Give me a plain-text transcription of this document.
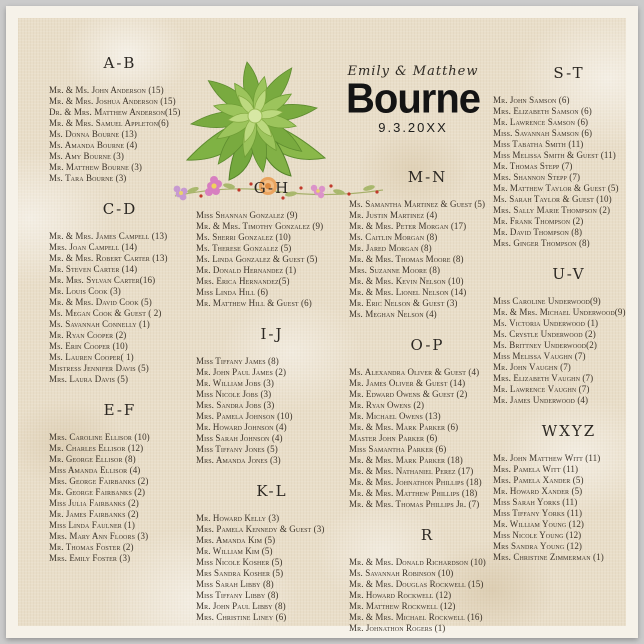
Emily & Matthew
Bourne
9.3.20XX
A-B
Mr. & Ms. John Anderson (15)
Mr. & Mrs. Joshua Anderson (15)
Dr. & Mrs. Matthew Anderson(15)
Mr. & Mrs. Samuel Appleton(6)
Ms. Donna Bourne (13)
Ms. Amanda Bourne (4)
Ms. Amy Bourne (3)
Mr. Matthew Bourne (3)
Ms. Tara Bourne (3)
C-D
Mr. & Mrs. James Campell (13)
Mrs. Joan Campell (14)
Mr. & Mrs. Robert Carter (13)
Mr. Steven Carter (14)
Mr. Mrs. Sylvan Carter(16)
Mr. Louis Cook (3)
Mr. & Mrs. David Cook (5)
Ms. Megan Cook & Guest ( 2)
Ms. Savannah Connelly (1)
Mr. Ryan Cooper (2)
Ms. Erin Cooper (10)
Ms. Lauren Cooper( 1)
Mistress Jennifer Davis (5)
Mrs. Laura Davis (5)
E-F
Mrs. Caroline Ellisor (10)
Mr. Charles Ellisor (12)
Mr. George Ellisor (8)
Miss Amanda Ellisor (4)
Mrs. George Fairbanks (2)
Mr. George Fairbanks (2)
Miss Julia Fairbanks (2)
Mr. James Fairbanks (2)
Miss Linda Faulner (1)
Mrs. Mary Ann Floors (3)
Mr. Thomas Foster (2)
Mrs. Emily Foster (3)
G-H
Miss Shannan Gonzalez (9)
Mr. & Mrs. Timothy Gonzalez (9)
Ms. Sherri Gonzalez (10)
Ms. Therese Gonzalez (5)
Ms. Linda Gonzalez & Guest (5)
Mr. Donald Hernandez (1)
Mrs. Erica Hernandez(5)
Miss Linda Hill (6)
Mr. Matthew Hill & Guest (6)
I-J
Miss Tiffany James (8)
Mr. John Paul James (2)
Mr. William Jobs (3)
Miss Nicole Jobs (3)
Mrs. Sandra Jobs (3)
Mrs. Pamela Johnson (10)
Mr. Howard Johnson (4)
Miss Sarah Johnson (4)
Miss Tiffany Jones (5)
Mrs. Amanda Jones (3)
K-L
Mr. Howard Kelly (3)
Mrs. Pamela Kennedy & Guest (3)
Mrs. Amanda Kim (5)
Mr. William Kim (5)
Miss Nicole Kosher (5)
Mrs Sandra Kosher (5)
Miss Sarah Libby (8)
Miss Tiffany Libby (8)
Mr. John Paul Libby (8)
Mrs. Christine Liney (6)
M-N
Ms. Samantha Martinez & Guest (5)
Mr. Justin Martinez (4)
Mr. & Mrs. Peter Morgan (17)
Ms. Caitlin Morgan (8)
Mr. Jared Morgan (8)
Mr. & Mrs. Thomas Moore (8)
Mrs. Suzanne Moore (8)
Mr. & Mrs. Kevin Nelson (10)
Mr. & Mrs. Lionel Nelson (14)
Mr. Eric Nelson & Guest (3)
Ms. Meghan Nelson (4)
O-P
Ms. Alexandra Oliver & Guest (4)
Mr. James Oliver & Guest (14)
Mr. Edward Owens & Guest (2)
Mr. Ryan Owens (2)
Mr. Michael Owens (13)
Mr. & Mrs. Mark Parker (6)
Master John Parker (6)
Miss Samantha Parker (6)
Mr. & Mrs. Mark Parker (18)
Mr. & Mrs. Nathaniel Perez (17)
Mr. & Mrs. Johnathon Phillips (18)
Mr. & Mrs. Matthew Phillips (18)
Mr. & Mrs. Thomas Phillips Jr. (7)
R
Mr. & Mrs. Donald Richardson (10)
Ms. Savannah Robinson (10)
Mr. & Mrs. Douglas Rockwell (15)
Mr. Howard Rockwell (12)
Mr. Matthew Rockwell (12)
Mr. & Mrs. Michael Rockwell (16)
Mr. Johnathon Rogers (1)
S-T
Mr. John Samson (6)
Mrs. Elizabeth Samson (6)
Mr. Lawrence Samson (6)
Miss. Savannah Samson (6)
Miss Tabatha Smith (11)
Miss Melissa Smith & Guest (11)
Mr. Thomas Stepp (7)
Mrs. Shannon Stepp (7)
Mr. Matthew Taylor & Guest (5)
Ms. Sarah Taylor & Guest (10)
Mrs. Sally Marie Thompson (2)
Mr. Frank Thompson (2)
Mr. David Thompson (8)
Mrs. Ginger Thompson (8)
U-V
Miss Caroline Underwood(9)
Mr. & Mrs. Michael Underwood(9)
Ms. Victoria Underwood (1)
Ms. Crystle Underwood (2)
Ms. Brittney Underwood(2)
Miss Melissa Vaughn (7)
Mr. John Vaughn (7)
Mrs. Elizabeth Vaughn (7)
Mr. Lawrence Vaughn (7)
Mr. James Underwood (4)
WXYZ
Mr. John Matthew Witt (11)
Mrs. Pamela Witt (11)
Mrs. Pamela Xander (5)
Mr. Howard Xander (5)
Miss Sarah Yorks (11)
Miss Tiffany Yorks (11)
Mr. William Young (12)
Miss Nicole Young (12)
Mrs Sandra Young (12)
Mrs. Christine Zimmerman (1)
